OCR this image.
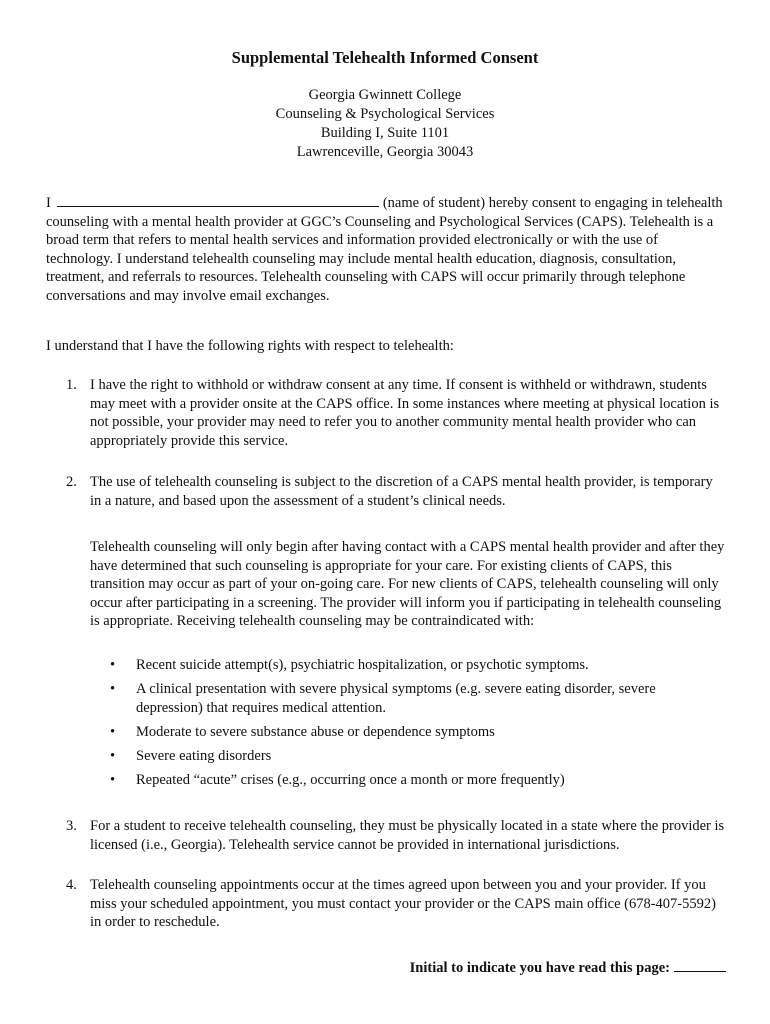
Supplemental Telehealth Informed Consent
Georgia Gwinnett College
Counseling & Psychological Services
Building I, Suite 1101
Lawrenceville, Georgia 30043
I	(name of student) hereby consent to engaging in telehealth counseling with a mental health provider at GGC’s Counseling and Psychological Services (CAPS). Telehealth is a broad term that refers to mental health services and information provided electronically or with the use of technology. I understand telehealth counseling may include mental health education, diagnosis, consultation, treatment, and referrals to resources. Telehealth counseling with CAPS will occur primarily through telephone conversations and may involve email exchanges.
I understand that I have the following rights with respect to telehealth:
1. I have the right to withhold or withdraw consent at any time. If consent is withheld or withdrawn, students may meet with a provider onsite at the CAPS office. In some instances where meeting at physical location is not possible, your provider may need to refer you to another community mental health provider who can appropriately provide this service.
2. The use of telehealth counseling is subject to the discretion of a CAPS mental health provider, is temporary in a nature, and based upon the assessment of a student’s clinical needs.
Telehealth counseling will only begin after having contact with a CAPS mental health provider and after they have determined that such counseling is appropriate for your care. For existing clients of CAPS, this transition may occur as part of your on-going care. For new clients of CAPS, telehealth counseling will only occur after participating in a screening. The provider will inform you if participating in telehealth counseling is appropriate. Receiving telehealth counseling may be contraindicated with:
• Recent suicide attempt(s), psychiatric hospitalization, or psychotic symptoms.
• A clinical presentation with severe physical symptoms (e.g. severe eating disorder, severe depression) that requires medical attention.
• Moderate to severe substance abuse or dependence symptoms
• Severe eating disorders
• Repeated “acute” crises (e.g., occurring once a month or more frequently)
3. For a student to receive telehealth counseling, they must be physically located in a state where the provider is licensed (i.e., Georgia). Telehealth service cannot be provided in international jurisdictions.
4. Telehealth counseling appointments occur at the times agreed upon between you and your provider. If you miss your scheduled appointment, you must contact your provider or the CAPS main office (678-407-5592) in order to reschedule.
Initial to indicate you have read this page:
